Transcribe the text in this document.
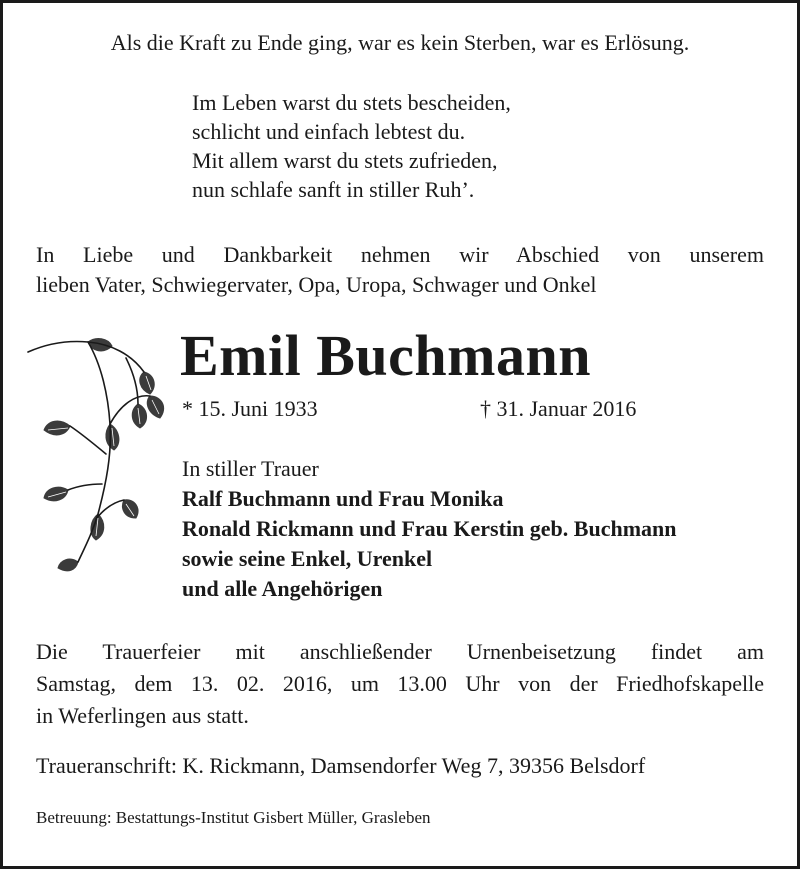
Als die Kraft zu Ende ging, war es kein Sterben, war es Erlösung.
Im Leben warst du stets bescheiden,
schlicht und einfach lebtest du.
Mit allem warst du stets zufrieden,
nun schlafe sanft in stiller Ruh’.
In Liebe und Dankbarkeit nehmen wir Abschied von unserem
lieben Vater, Schwiegervater, Opa, Uropa, Schwager und Onkel
Emil Buchmann
* 15. Juni 1933	† 31. Januar 2016
In stiller Trauer
Ralf Buchmann und Frau Monika
Ronald Rickmann und Frau Kerstin geb. Buchmann
sowie seine Enkel, Urenkel
und alle Angehörigen
Die Trauerfeier mit anschließender Urnenbeisetzung findet am
Samstag, dem 13. 02. 2016, um 13.00 Uhr von der Friedhofskapelle
in Weferlingen aus statt.
Traueranschrift: K. Rickmann, Damsendorfer Weg 7, 39356 Belsdorf
Betreuung: Bestattungs-Institut Gisbert Müller, Grasleben
